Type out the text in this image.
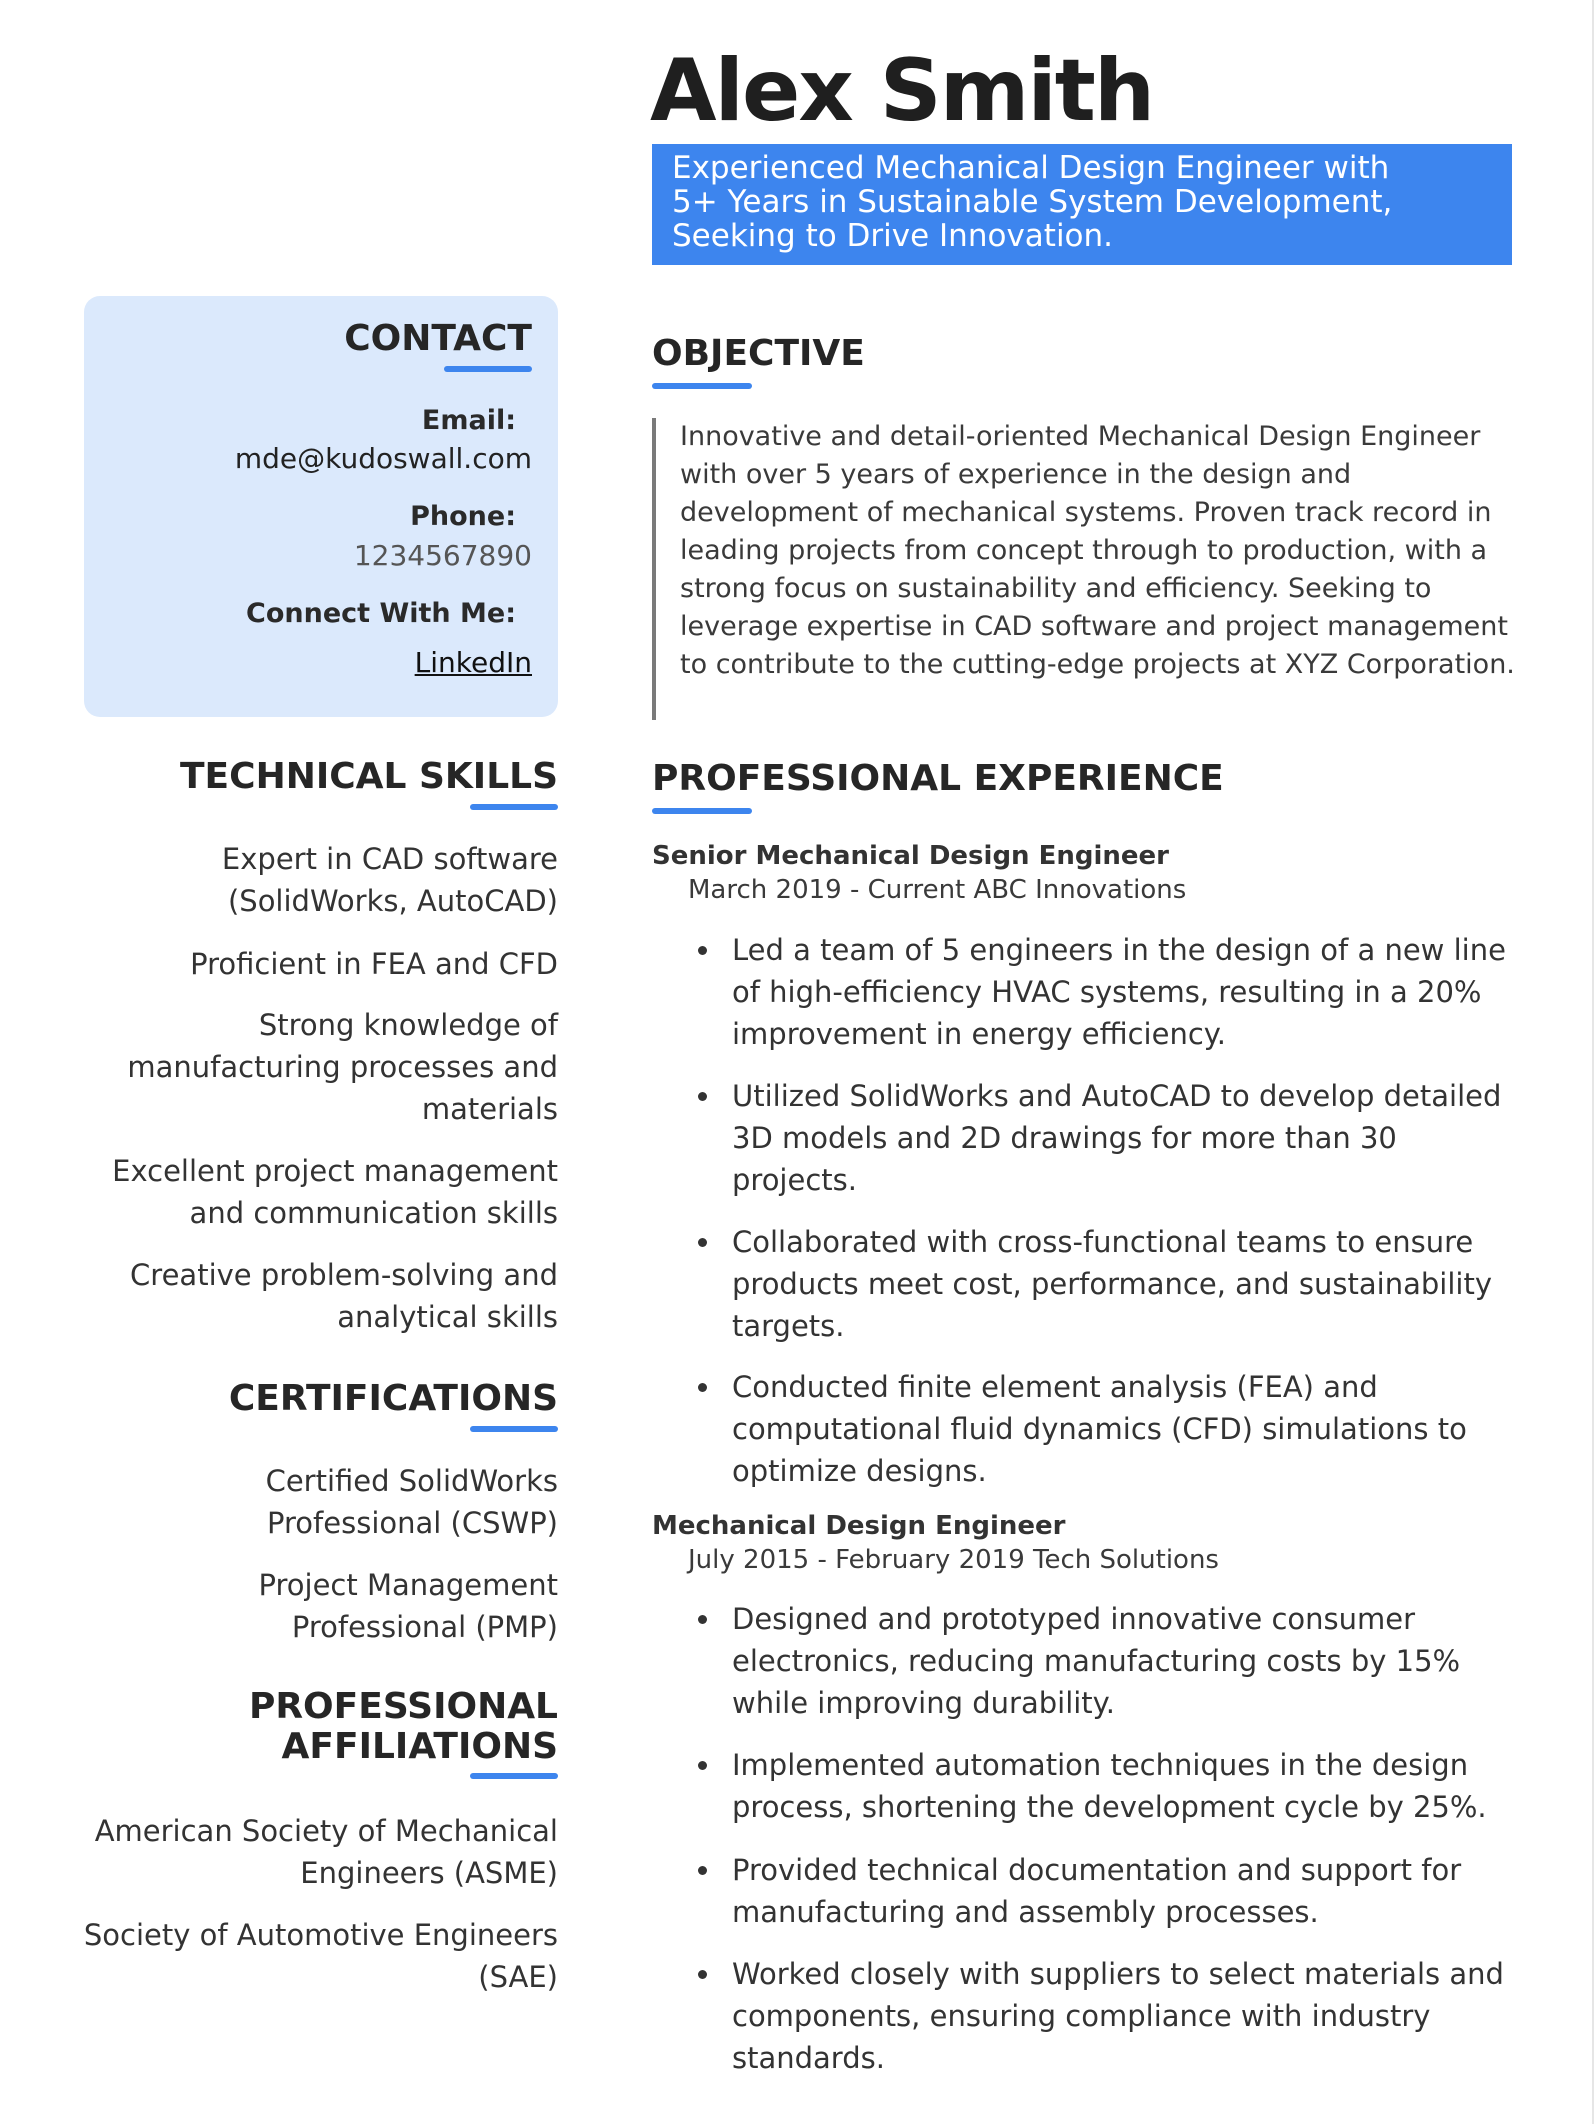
Alex Smith
Experienced Mechanical Design Engineer with
5+ Years in Sustainable System Development,
Seeking to Drive Innovation.
CONTACT

Email:

mde@kudoswall.com

Phone:

1234567890

Connect With Me:

LinkedIn

TECHNICAL SKILLS
Expert in CAD software
(SolidWorks, AutoCAD)
Proficient in FEA and CFD
Strong knowledge of
manufacturing processes and
materials
Excellent project management
and communication skills
Creative problem-solving and
analytical skills
CERTIFICATIONS
Certified SolidWorks
Professional (CSWP)
Project Management
Professional (PMP)
PROFESSIONAL
AFFILIATIONS
American Society of Mechanical
Engineers (ASME)
Society of Automotive Engineers
(SAE)
OBJECTIVE
Innovative and detail-oriented Mechanical Design Engineer
with over 5 years of experience in the design and
development of mechanical systems. Proven track record in
leading projects from concept through to production, with a
strong focus on sustainability and efficiency. Seeking to
leverage expertise in CAD software and project management
to contribute to the cutting-edge projects at XYZ Corporation.
PROFESSIONAL EXPERIENCE

Senior Mechanical Design Engineer

March 2019 - Current ABC Innovations

Led a team of 5 engineers in the design of a new line
of high-efficiency HVAC systems, resulting in a 20%
improvement in energy efficiency.
Utilized SolidWorks and AutoCAD to develop detailed
3D models and 2D drawings for more than 30
projects.
Collaborated with cross-functional teams to ensure
products meet cost, performance, and sustainability
targets.
Conducted finite element analysis (FEA) and
computational fluid dynamics (CFD) simulations to
optimize designs.

Mechanical Design Engineer

July 2015 - February 2019 Tech Solutions

Designed and prototyped innovative consumer
electronics, reducing manufacturing costs by 15%
while improving durability.
Implemented automation techniques in the design
process, shortening the development cycle by 25%.
Provided technical documentation and support for
manufacturing and assembly processes.
Worked closely with suppliers to select materials and
components, ensuring compliance with industry
standards.
